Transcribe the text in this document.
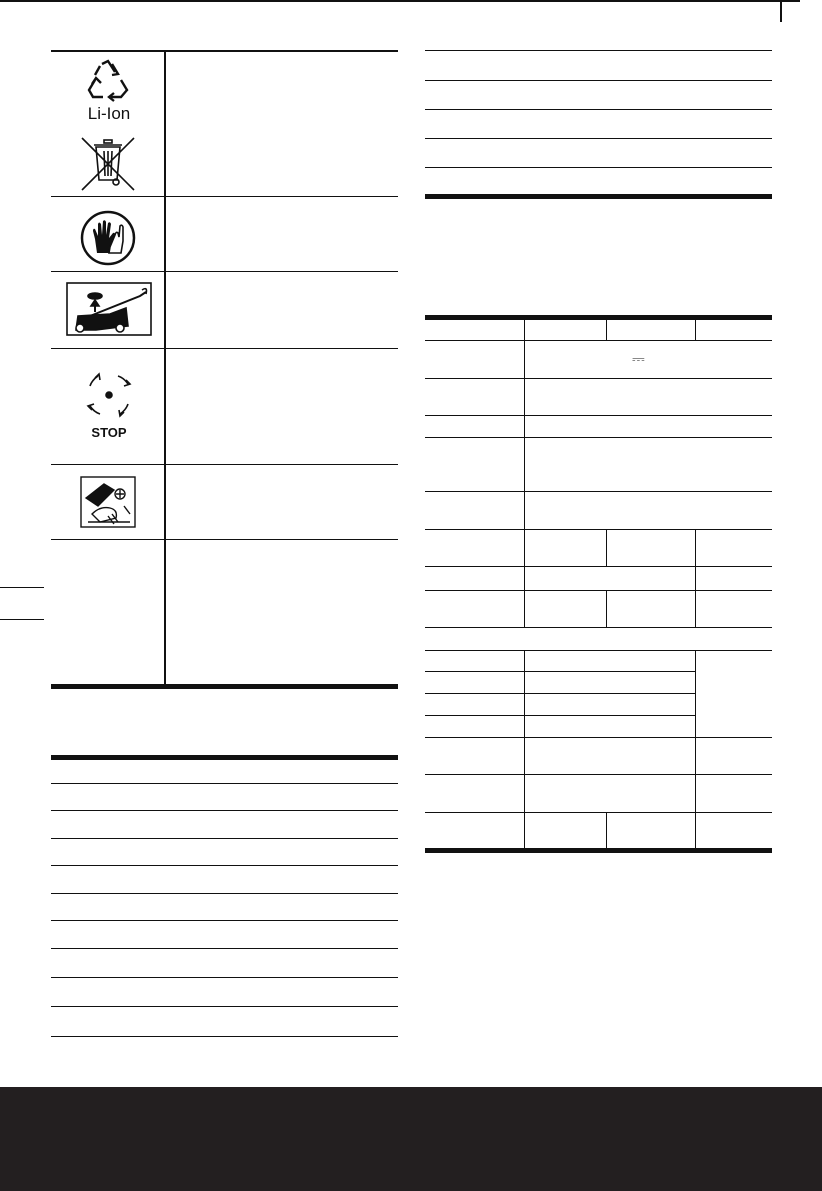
Li-Ion
STOP
⎓
